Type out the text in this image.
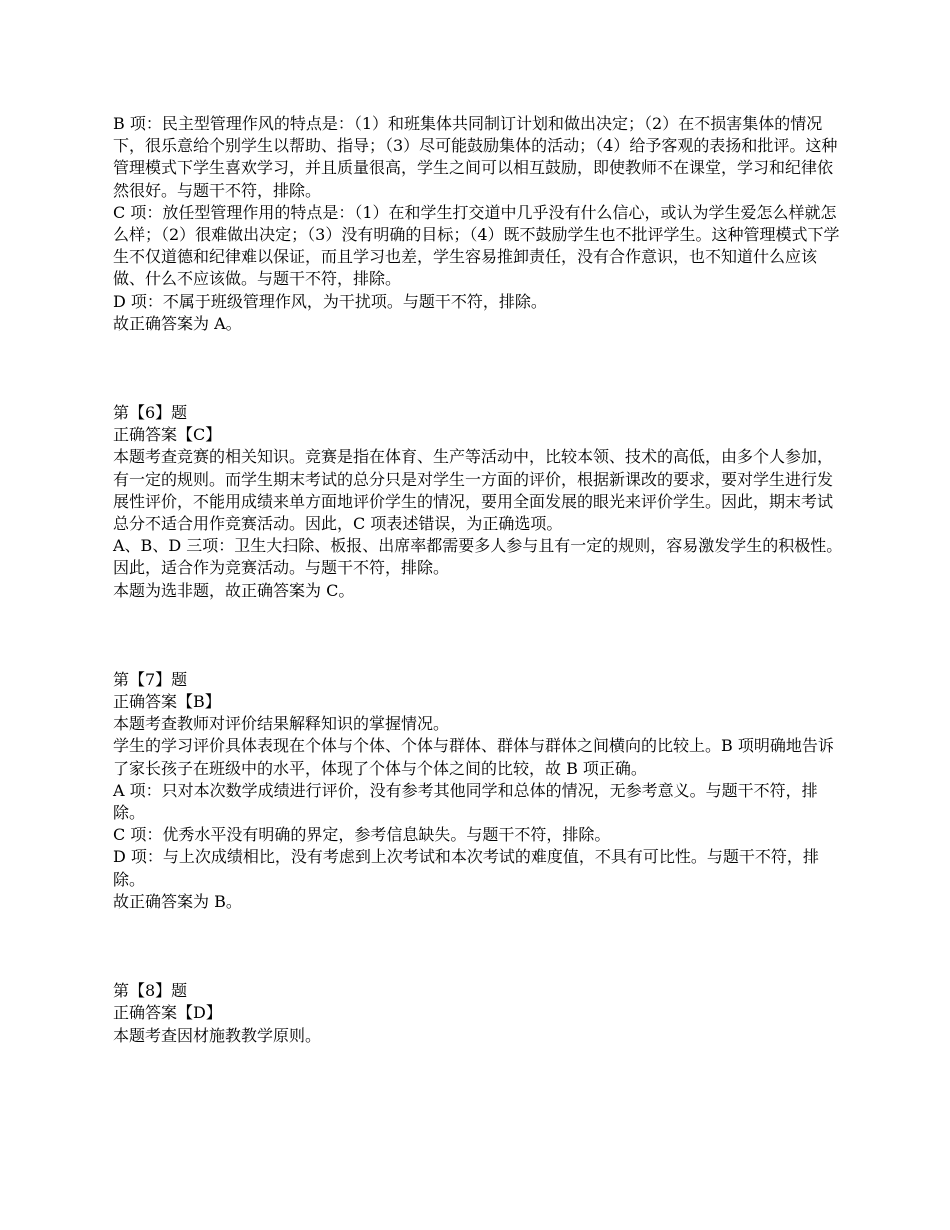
B 项：民主型管理作风的特点是：（1）和班集体共同制订计划和做出决定；（2）在不损害集体的情况下，很乐意给个别学生以帮助、指导；（3）尽可能鼓励集体的活动；（4）给予客观的表扬和批评。这种管理模式下学生喜欢学习，并且质量很高，学生之间可以相互鼓励，即使教师不在课堂，学习和纪律依然很好。与题干不符，排除。

C 项：放任型管理作用的特点是：（1）在和学生打交道中几乎没有什么信心，或认为学生爱怎么样就怎么样；（2）很难做出决定；（3）没有明确的目标；（4）既不鼓励学生也不批评学生。这种管理模式下学生不仅道德和纪律难以保证，而且学习也差，学生容易推卸责任，没有合作意识，也不知道什么应该做、什么不应该做。与题干不符，排除。

D 项：不属于班级管理作风，为干扰项。与题干不符，排除。

故正确答案为 A。

第【6】题

正确答案【C】

本题考查竞赛的相关知识。竞赛是指在体育、生产等活动中，比较本领、技术的高低，由多个人参加，有一定的规则。而学生期末考试的总分只是对学生一方面的评价，根据新课改的要求，要对学生进行发展性评价，不能用成绩来单方面地评价学生的情况，要用全面发展的眼光来评价学生。因此，期末考试总分不适合用作竞赛活动。因此，C 项表述错误，为正确选项。

A、B、D 三项：卫生大扫除、板报、出席率都需要多人参与且有一定的规则，容易激发学生的积极性。因此，适合作为竞赛活动。与题干不符，排除。

本题为选非题，故正确答案为 C。

第【7】题

正确答案【B】

本题考查教师对评价结果解释知识的掌握情况。

学生的学习评价具体表现在个体与个体、个体与群体、群体与群体之间横向的比较上。B 项明确地告诉了家长孩子在班级中的水平，体现了个体与个体之间的比较，故 B 项正确。

A 项：只对本次数学成绩进行评价，没有参考其他同学和总体的情况，无参考意义。与题干不符，排除。

C 项：优秀水平没有明确的界定，参考信息缺失。与题干不符，排除。

D 项：与上次成绩相比，没有考虑到上次考试和本次考试的难度值，不具有可比性。与题干不符，排除。

故正确答案为 B。

第【8】题

正确答案【D】

本题考查因材施教教学原则。
